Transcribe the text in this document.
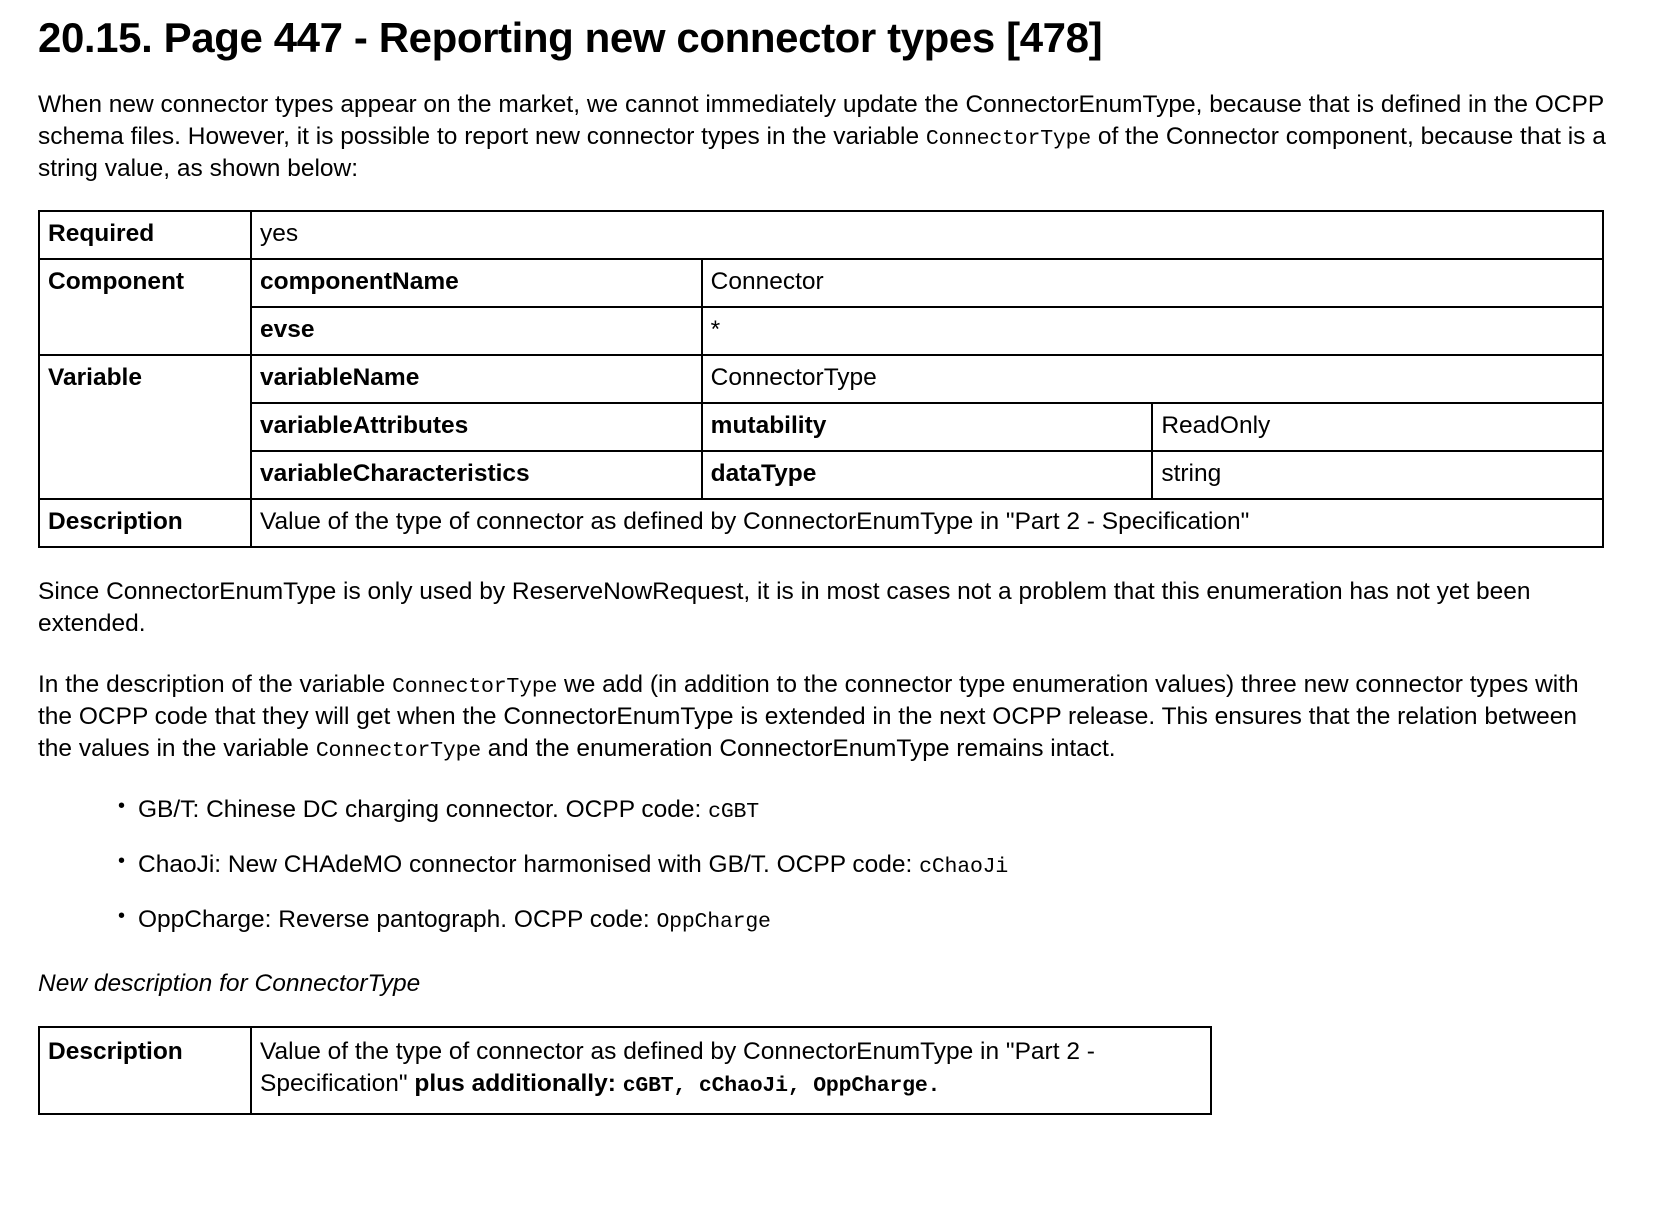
20.15. Page 447 - Reporting new connector types [478]

When new connector types appear on the market, we cannot immediately update the ConnectorEnumType, because that is defined in the OCPP schema files. However, it is possible to report new connector types in the variable ConnectorType of the Connector component, because that is a string value, as shown below:

Required	yes		
Component	componentName	Connector	
	evse	*	
Variable	variableName	ConnectorType	
	variableAttributes	mutability	ReadOnly
	variableCharacteristics	dataType	string
Description	Value of the type of connector as defined by ConnectorEnumType in "Part 2 - Specification"		

Since ConnectorEnumType is only used by ReserveNowRequest, it is in most cases not a problem that this enumeration has not yet been extended.

In the description of the variable ConnectorType we add (in addition to the connector type enumeration values) three new connector types with the OCPP code that they will get when the ConnectorEnumType is extended in the next OCPP release. This ensures that the relation between the values in the variable ConnectorType and the enumeration ConnectorEnumType remains intact.

• GB/T: Chinese DC charging connector. OCPP code: cGBT
• ChaoJi: New CHAdeMO connector harmonised with GB/T. OCPP code: cChaoJi
• OppCharge: Reverse pantograph. OCPP code: OppCharge

New description for ConnectorType

Description	Value of the type of connector as defined by ConnectorEnumType in "Part 2 - Specification" plus additionally: cGBT, cChaoJi, OppCharge.
